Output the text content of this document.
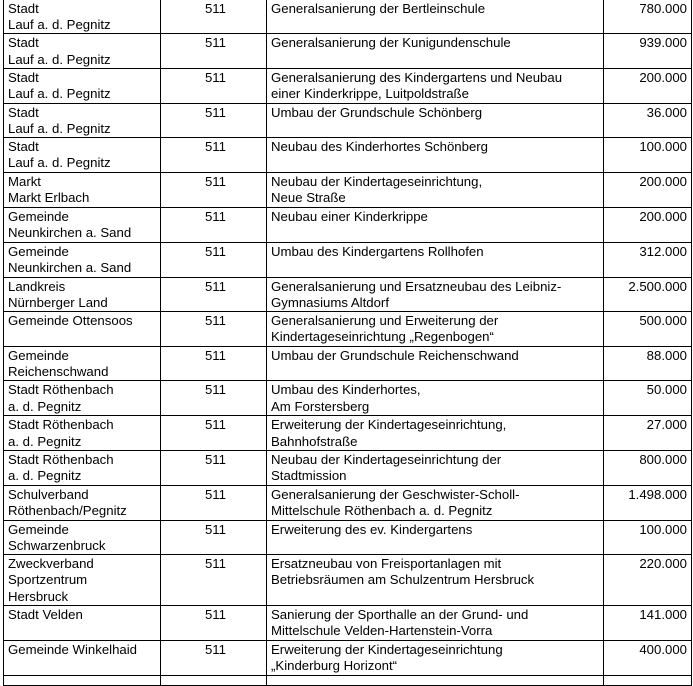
Stadt
Lauf a. d. Pegnitz	511	Generalsanierung der Bertleinschule	780.000
Stadt
Lauf a. d. Pegnitz	511	Generalsanierung der Kunigundenschule	939.000
Stadt
Lauf a. d. Pegnitz	511	Generalsanierung des Kindergartens und Neubau
einer Kinderkrippe, Luitpoldstraße	200.000
Stadt
Lauf a. d. Pegnitz	511	Umbau der Grundschule Schönberg	36.000
Stadt
Lauf a. d. Pegnitz	511	Neubau des Kinderhortes Schönberg	100.000
Markt
Markt Erlbach	511	Neubau der Kindertageseinrichtung,
Neue Straße	200.000
Gemeinde
Neunkirchen a. Sand	511	Neubau einer Kinderkrippe	200.000
Gemeinde
Neunkirchen a. Sand	511	Umbau des Kindergartens Rollhofen	312.000
Landkreis
Nürnberger Land	511	Generalsanierung und Ersatzneubau des Leibniz-
Gymnasiums Altdorf	2.500.000
Gemeinde Ottensoos	511	Generalsanierung und Erweiterung der
Kindertageseinrichtung „Regenbogen“	500.000
Gemeinde
Reichenschwand	511	Umbau der Grundschule Reichenschwand	88.000
Stadt Röthenbach
a. d. Pegnitz	511	Umbau des Kinderhortes,
Am Forstersberg	50.000
Stadt Röthenbach
a. d. Pegnitz	511	Erweiterung der Kindertageseinrichtung,
Bahnhofstraße	27.000
Stadt Röthenbach
a. d. Pegnitz	511	Neubau der Kindertageseinrichtung der
Stadtmission	800.000
Schulverband
Röthenbach/Pegnitz	511	Generalsanierung der Geschwister-Scholl-
Mittelschule Röthenbach a. d. Pegnitz	1.498.000
Gemeinde
Schwarzenbruck	511	Erweiterung des ev. Kindergartens	100.000
Zweckverband
Sportzentrum
Hersbruck	511	Ersatzneubau von Freisportanlagen mit
Betriebsräumen am Schulzentrum Hersbruck	220.000
Stadt Velden	511	Sanierung der Sporthalle an der Grund- und
Mittelschule Velden-Hartenstein-Vorra	141.000
Gemeinde Winkelhaid	511	Erweiterung der Kindertageseinrichtung
„Kinderburg Horizont“	400.000
